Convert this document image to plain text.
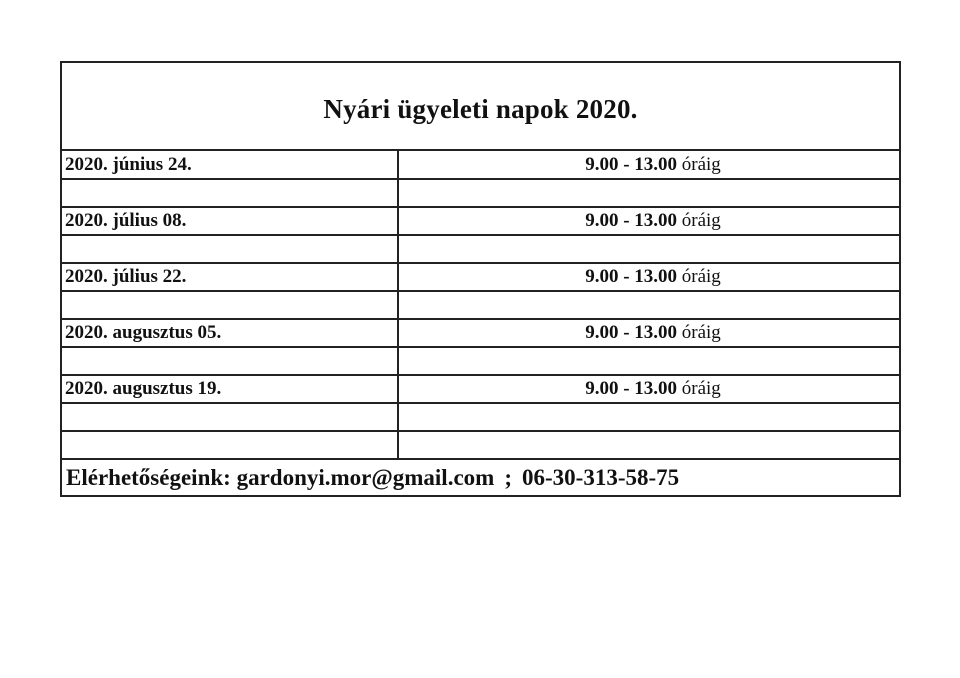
Nyári ügyeleti napok 2020.
2020. június 24.	9.00 - 13.00 óráig

2020. július 08.	9.00 - 13.00 óráig

2020. július 22.	9.00 - 13.00 óráig

2020. augusztus 05.	9.00 - 13.00 óráig

2020. augusztus 19.	9.00 - 13.00 óráig

Elérhetőségeink:
gardonyi.mor@gmail.com ; 06-30-313-58-75
